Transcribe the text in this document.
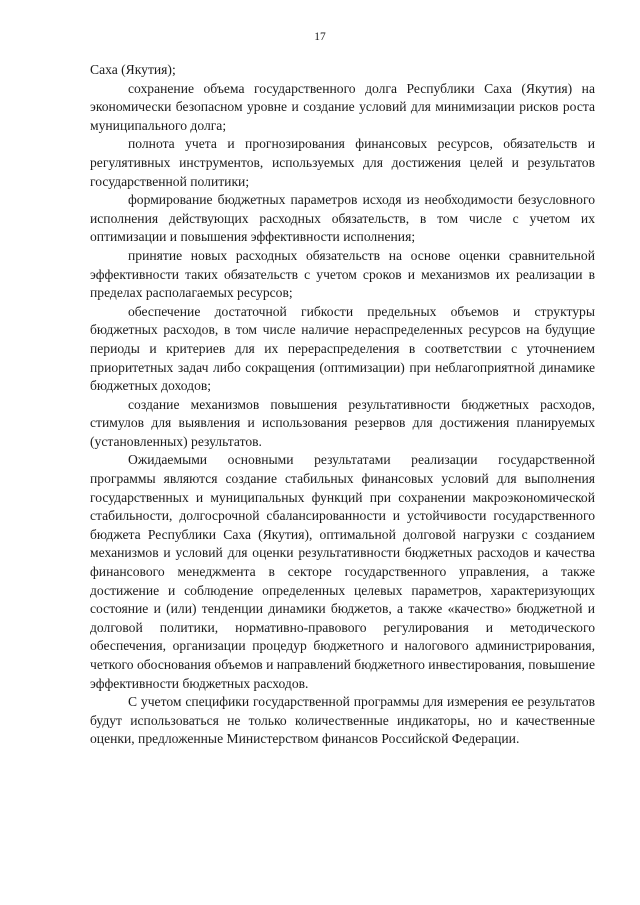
17

Саха (Якутия);

сохранение объема государственного долга Республики Саха (Якутия) на экономически безопасном уровне и создание условий для минимизации рисков роста муниципального долга;

полнота учета и прогнозирования финансовых ресурсов, обязательств и регулятивных инструментов, используемых для достижения целей и результатов государственной политики;

формирование бюджетных параметров исходя из необходимости безусловного исполнения действующих расходных обязательств, в том числе с учетом их оптимизации и повышения эффективности исполнения;

принятие новых расходных обязательств на основе оценки сравнительной эффективности таких обязательств с учетом сроков и механизмов их реализации в пределах располагаемых ресурсов;

обеспечение достаточной гибкости предельных объемов и структуры бюджетных расходов, в том числе наличие нераспределенных ресурсов на будущие периоды и критериев для их перераспределения в соответствии с уточнением приоритетных задач либо сокращения (оптимизации) при неблагоприятной динамике бюджетных доходов;

создание механизмов повышения результативности бюджетных расходов, стимулов для выявления и использования резервов для достижения планируемых (установленных) результатов.

Ожидаемыми основными результатами реализации государственной программы являются создание стабильных финансовых условий для выполнения государственных и муниципальных функций при сохранении макроэкономической стабильности, долгосрочной сбалансированности и устойчивости государственного бюджета Республики Саха (Якутия), оптимальной долговой нагрузки с созданием механизмов и условий для оценки результативности бюджетных расходов и качества финансового менеджмента в секторе государственного управления, а также достижение и соблюдение определенных целевых параметров, характеризующих состояние и (или) тенденции динамики бюджетов, а также «качество» бюджетной и долговой политики, нормативно-правового регулирования и методического обеспечения, организации процедур бюджетного и налогового администрирования, четкого обоснования объемов и направлений бюджетного инвестирования, повышение эффективности бюджетных расходов.

С учетом специфики государственной программы для измерения ее результатов будут использоваться не только количественные индикаторы, но и качественные оценки, предложенные Министерством финансов Российской Федерации.
